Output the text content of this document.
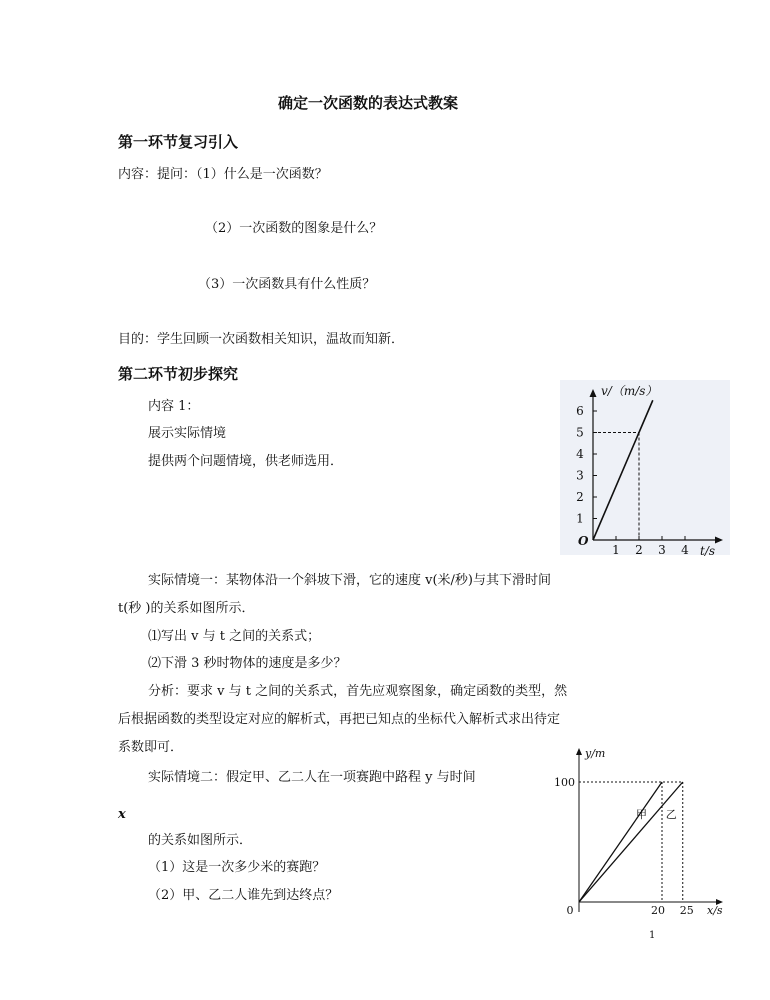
确定一次函数的表达式教案
第一环节复习引入
内容：提问：（1）什么是一次函数？
（2）一次函数的图象是什么？
（3）一次函数具有什么性质？
目的：学生回顾一次函数相关知识，温故而知新．
第二环节初步探究
内容 1：
展示实际情境
提供两个问题情境，供老师选用．
实际情境一：某物体沿一个斜坡下滑，它的速度 v(米/秒)与其下滑时间
t(秒 )的关系如图所示．
⑴写出 v 与 t 之间的关系式；
⑵下滑 3 秒时物体的速度是多少？
分析：要求 v 与 t 之间的关系式，首先应观察图象，确定函数的类型，然
后根据函数的类型设定对应的解析式，再把已知点的坐标代入解析式求出待定
系数即可．
实际情境二：假定甲、乙二人在一项赛跑中路程 y 与时间
x
的关系如图所示．
（1）这是一次多少米的赛跑？
（2）甲、乙二人谁先到达终点？
1
1 2 3 4
1
2
3
4
5
6
O
v/（m/s）
t/s
y/m
x/s
0
100
20 25
甲 乙
